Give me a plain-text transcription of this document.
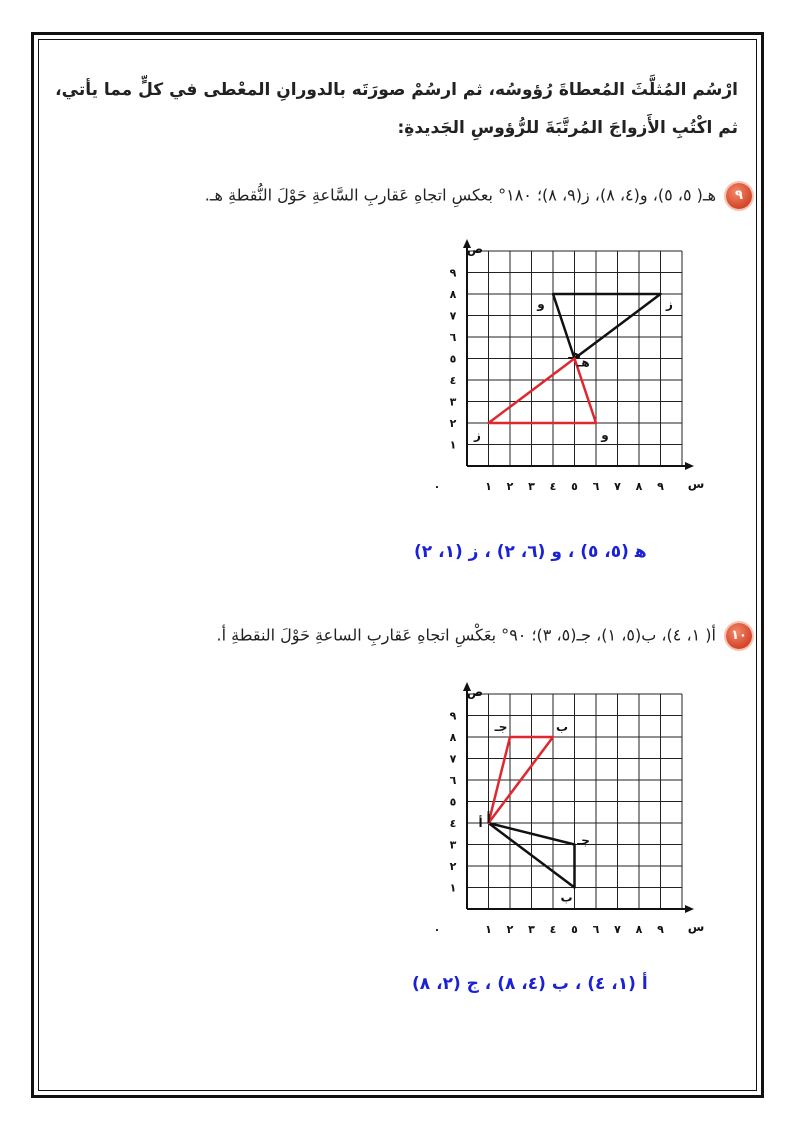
ارْسُم المُثلَّثَ المُعطاةَ رُؤوسُه، ثم ارسُمْ صورَتَه بالدورانِ المعْطى في كلٍّ مما يأتي،
ثم اكْتُبِ الأَزواجَ المُرتَّبَةَ للرُّؤوسِ الجَديدةِ:
٩هـ( ٥، ٥)، و(٤، ٨)، ز(٩، ٨)؛ ١٨٠° بعكسِ اتجاهِ عَقاربِ السَّاعةِ حَوْلَ النُّقطةِ هـ.
١ ٢ ٣ ٤ ٥ ٦ ٧ ٨ ٩
١
٢
٣
٤
٥
٦
٧
٨
٩
٠	س
ص
هـ
و	ز
هـ
و
ز
ﻫ (٥، ٥) ، و (٦، ٢) ، ز (١، ٢)
١٠أ( ١، ٤)، ب(٥، ١)، جـ(٥، ٣)؛ ٩٠° بعَكْسِ اتجاهِ عَقاربِ الساعةِ حَوْلَ النقطةِ أ.
١ ٢ ٣ ٤ ٥ ٦ ٧ ٨ ٩
١
٢
٣
٤
٥
٦
٧
٨
٩
٠	س
ص
أ
ب
جـ
أ
ب
جـ
أ (١، ٤) ، ب (٤، ٨) ، ج (٢، ٨)
